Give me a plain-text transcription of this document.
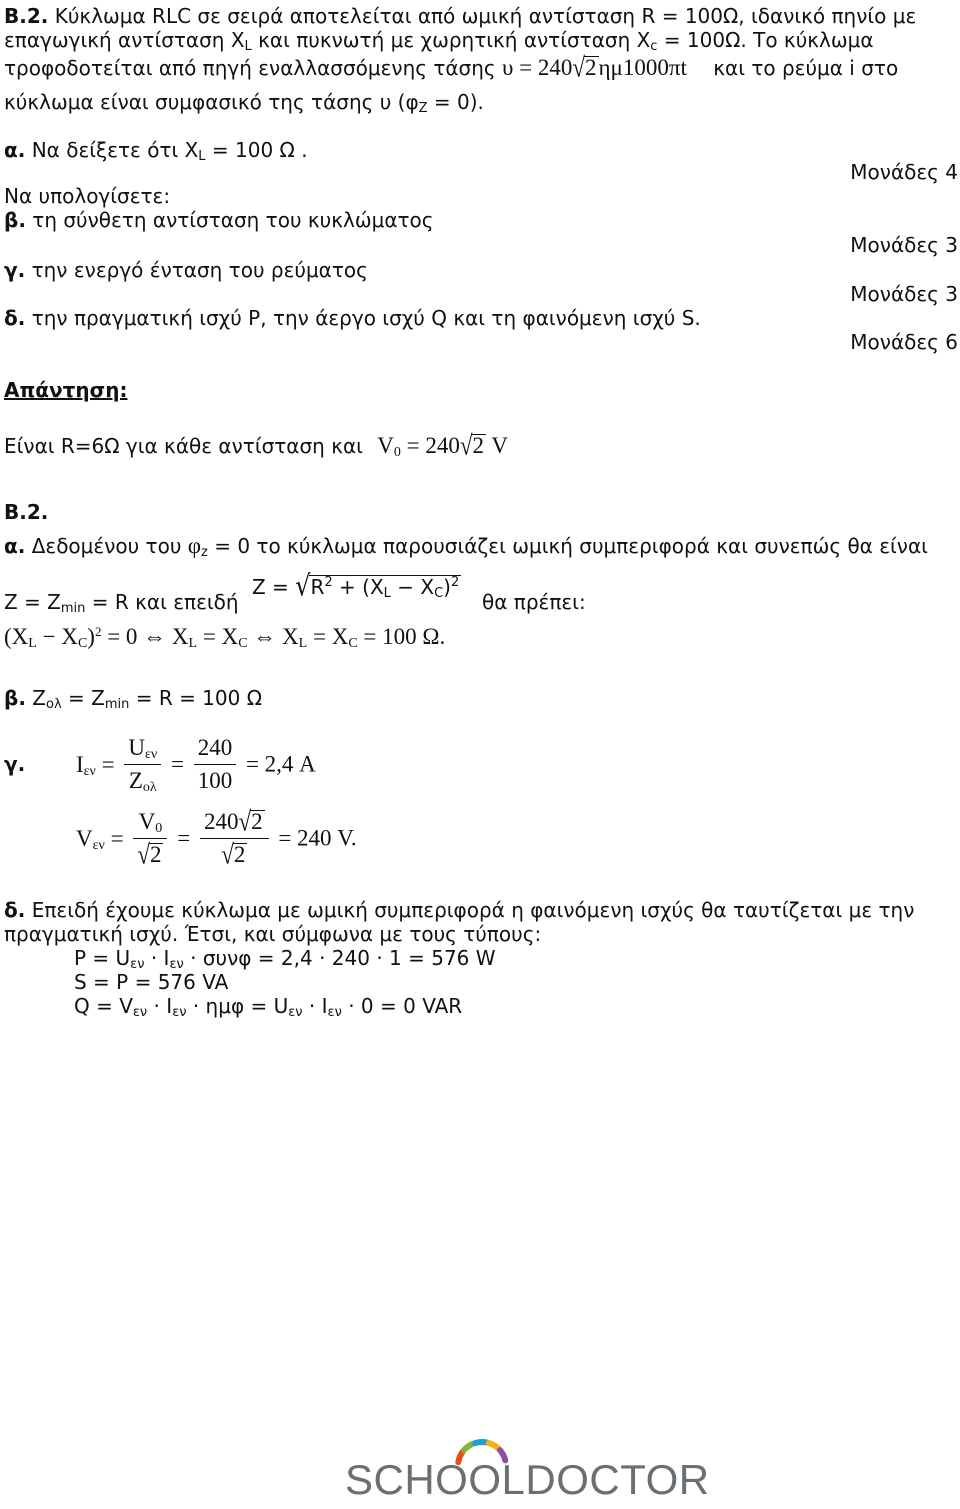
Β.2. Κύκλωμα RLC σε σειρά αποτελείται από ωμική αντίσταση R = 100Ω, ιδανικό πηνίο με
επαγωγική αντίσταση $X_L$ και πυκνωτή με χωρητική αντίσταση $X_c = 100\Omega$. Το κύκλωμα
τροφοδοτείται από πηγή εναλλασσόμενης τάσης υ = 240√2ημ1000πt και το ρεύμα i στο
κύκλωμα είναι συμφασικό της τάσης υ $(\varphi_Z = 0)$.
α. Να δείξετε ότι $X_L = 100$ Ω .
Μονάδες 4
Να υπολογίσετε:
β. τη σύνθετη αντίσταση του κυκλώματος
Μονάδες 3
γ. την ενεργό ένταση του ρεύματος
Μονάδες 3
δ. την πραγματική ισχύ P, την άεργο ισχύ Q και τη φαινόμενη ισχύ S.
Μονάδες 6
Απάντηση:
Είναι R=6Ω για κάθε αντίσταση και $V_0 = 240√2$ V
Β.2.
α. Δεδομένου του $\varphi_z = 0$ το κύκλωμα παρουσιάζει ωμική συμπεριφορά και συνεπώς θα είναι
$Z = Z_{min} = R$ και επειδή
$Z = √R^2 + (X_L - X_C)^2$
θα πρέπει:
$(X_L - X_C)^2 = 0$ ⇔ $X_L = X_C$ ⇔ $X_L = X_C = 100$ Ω.
β. $Z_{o\lambda} = Z_{min} = R = 100$ Ω
γ. $I_{\varepsilon\nu} = \frac{U_{\varepsilon\nu}}{Z_{o\lambda}} = \frac{240}{100} = 2,4$ A
$V_{\varepsilon\nu} = \frac{V_0}{√2} = \frac{240√2}{√2} = 240$ V.
δ. Επειδή έχουμε κύκλωμα με ωμική συμπεριφορά η φαινόμενη ισχύς θα ταυτίζεται με την
πραγματική ισχύ. Έτσι, και σύμφωνα με τους τύπους:
$P = U_{\varepsilon\nu} \cdot I_{\varepsilon\nu} \cdot \sigma\upsilon\nu\varphi = 2,4 \cdot 240 \cdot 1 = 576$ W
S = P = 576 VA
$Q = V_{\varepsilon\nu} \cdot I_{\varepsilon\nu} \cdot \eta\mu\varphi = U_{\varepsilon\nu} \cdot I_{\varepsilon\nu} \cdot 0 = 0$ VAR
SCHOOLDOCTOR
